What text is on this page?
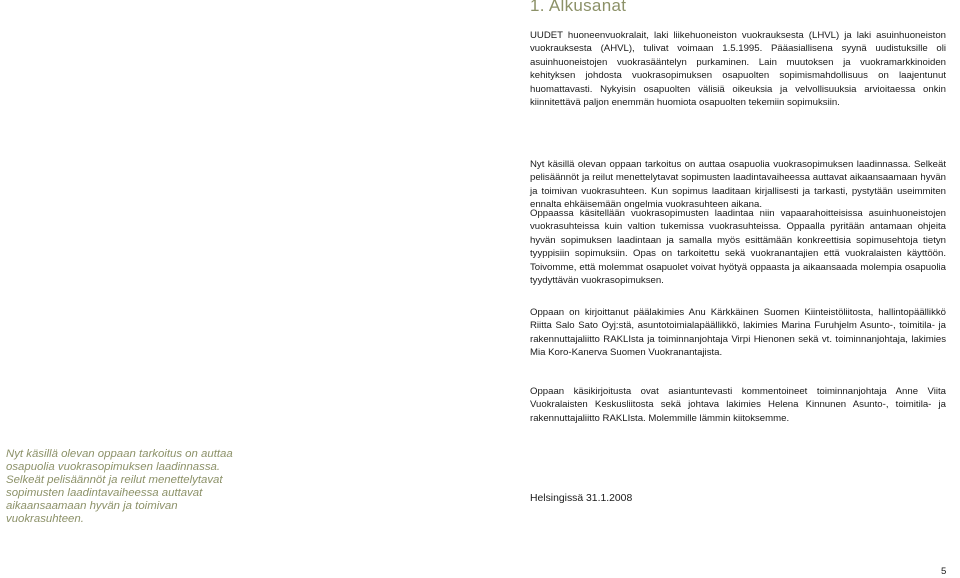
1. Alkusanat

UUDET huoneenvuokralait, laki liikehuoneiston vuokrauksesta (LHVL) ja laki asuinhuoneiston vuokrauksesta (AHVL), tulivat voimaan 1.5.1995. Pääasiallisena syynä uudistuksille oli asuinhuoneistojen vuokrasääntelyn purkaminen. Lain muutoksen ja vuokramarkkinoiden kehityksen johdosta vuokrasopimuksen osapuolten sopimismahdollisuus on laajentunut huomattavasti. Nykyisin osapuolten välisiä oikeuksia ja velvollisuuksia arvioitaessa onkin kiinnitettävä paljon enemmän huomiota osapuolten tekemiin sopimuksiin.

Nyt käsillä olevan oppaan tarkoitus on auttaa osapuolia vuokrasopimuksen laadinnassa. Selkeät pelisäännöt ja reilut menettelytavat sopimusten laadintavaiheessa auttavat aikaansaamaan hyvän ja toimivan vuokrasuhteen. Kun sopimus laaditaan kirjallisesti ja tarkasti, pystytään useimmiten ennalta ehkäisemään ongelmia vuokrasuhteen aikana.

Oppaassa käsitellään vuokrasopimusten laadintaa niin vapaarahoitteisissa asuinhuoneistojen vuokrasuhteissa kuin valtion tukemissa vuokrasuhteissa. Oppaalla pyritään antamaan ohjeita hyvän sopimuksen laadintaan ja samalla myös esittämään konkreettisia sopimusehtoja tietyn tyyppisiin sopimuksiin. Opas on tarkoitettu sekä vuokranantajien että vuokralaisten käyttöön. Toivomme, että molemmat osapuolet voivat hyötyä oppaasta ja aikaansaada molempia osapuolia tyydyttävän vuokrasopimuksen.

Oppaan on kirjoittanut päälakimies Anu Kärkkäinen Suomen Kiinteistöliitosta, hallintopäällikkö Riitta Salo Sato Oyj:stä, asuntotoimialapäällikkö, lakimies Marina Furuhjelm Asunto-, toimitila- ja rakennuttajaliitto RAKLIsta ja toiminnanjohtaja Virpi Hienonen sekä vt. toiminnanjohtaja, lakimies Mia Koro-Kanerva Suomen Vuokranantajista.

Oppaan käsikirjoitusta ovat asiantuntevasti kommentoineet toiminnanjohtaja Anne Viita Vuokralaisten Keskusliitosta sekä johtava lakimies Helena Kinnunen Asunto-, toimitila- ja rakennuttajaliitto RAKLIsta. Molemmille lämmin kiitoksemme.

Nyt käsillä olevan oppaan tarkoitus on auttaa osapuolia vuokrasopimuksen laadinnassa. Selkeät pelisäännöt ja reilut menettelytavat sopimusten laadintavaiheessa auttavat aikaansaamaan hyvän ja toimivan vuokrasuhteen.

Helsingissä 31.1.2008

5
